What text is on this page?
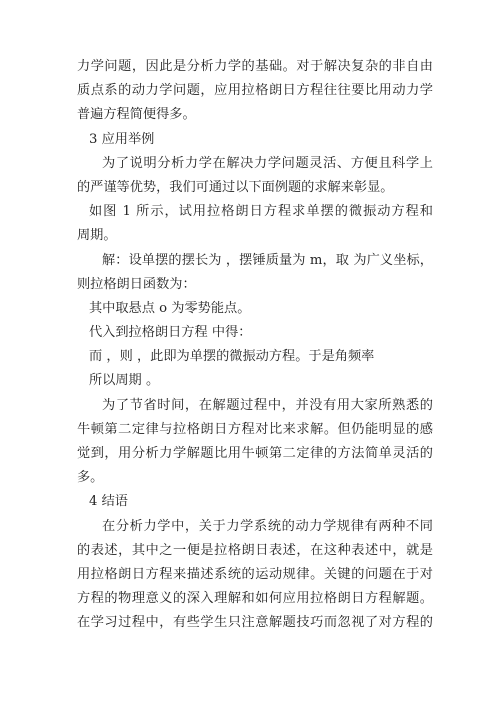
力学问题，因此是分析力学的基础。对于解决复杂的非自由
质点系的动力学问题，应用拉格朗日方程往往要比用动力学
普遍方程简便得多。
3 应用举例
为了说明分析力学在解决力学问题灵活、方便且科学上
的严谨等优势，我们可通过以下面例题的求解来彰显。
如图 1 所示，试用拉格朗日方程求单摆的微振动方程和
周期。
解：设单摆的摆长为 ，摆锤质量为 m，取 为广义坐标，
则拉格朗日函数为：
其中取悬点 o 为零势能点。
代入到拉格朗日方程 中得：
而 ，则 ，此即为单摆的微振动方程。于是角频率
所以周期 。
为了节省时间，在解题过程中，并没有用大家所熟悉的
牛顿第二定律与拉格朗日方程对比来求解。但仍能明显的感
觉到，用分析力学解题比用牛顿第二定律的方法简单灵活的
多。
4 结语
在分析力学中，关于力学系统的动力学规律有两种不同
的表述，其中之一便是拉格朗日表述，在这种表述中，就是
用拉格朗日方程来描述系统的运动规律。关键的问题在于对
方程的物理意义的深入理解和如何应用拉格朗日方程解题。
在学习过程中，有些学生只注意解题技巧而忽视了对方程的
